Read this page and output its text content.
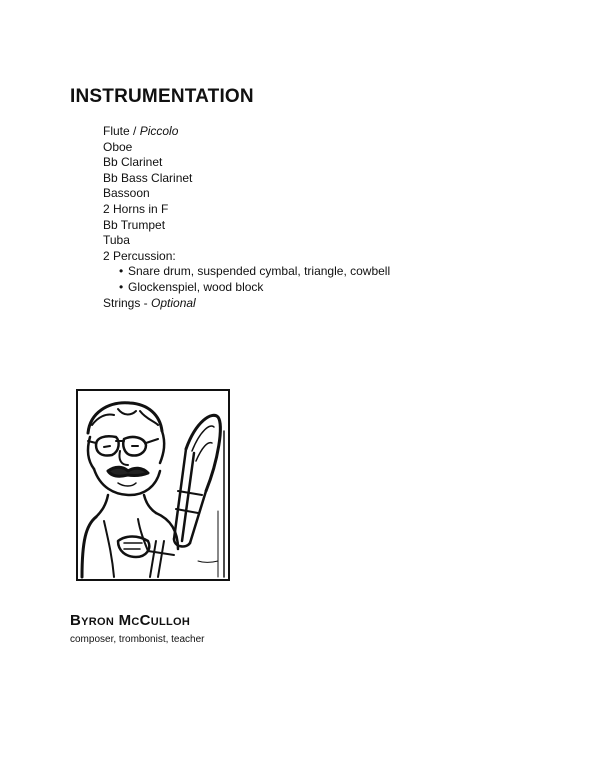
INSTRUMENTATION
Flute / Piccolo
Oboe
Bb Clarinet
Bb Bass Clarinet
Bassoon
2 Horns in F
Bb Trumpet
Tuba
2 Percussion:
• Snare drum, suspended cymbal, triangle, cowbell
• Glockenspiel, wood block
Strings - Optional
Byron McCulloh

composer, trombonist, teacher
